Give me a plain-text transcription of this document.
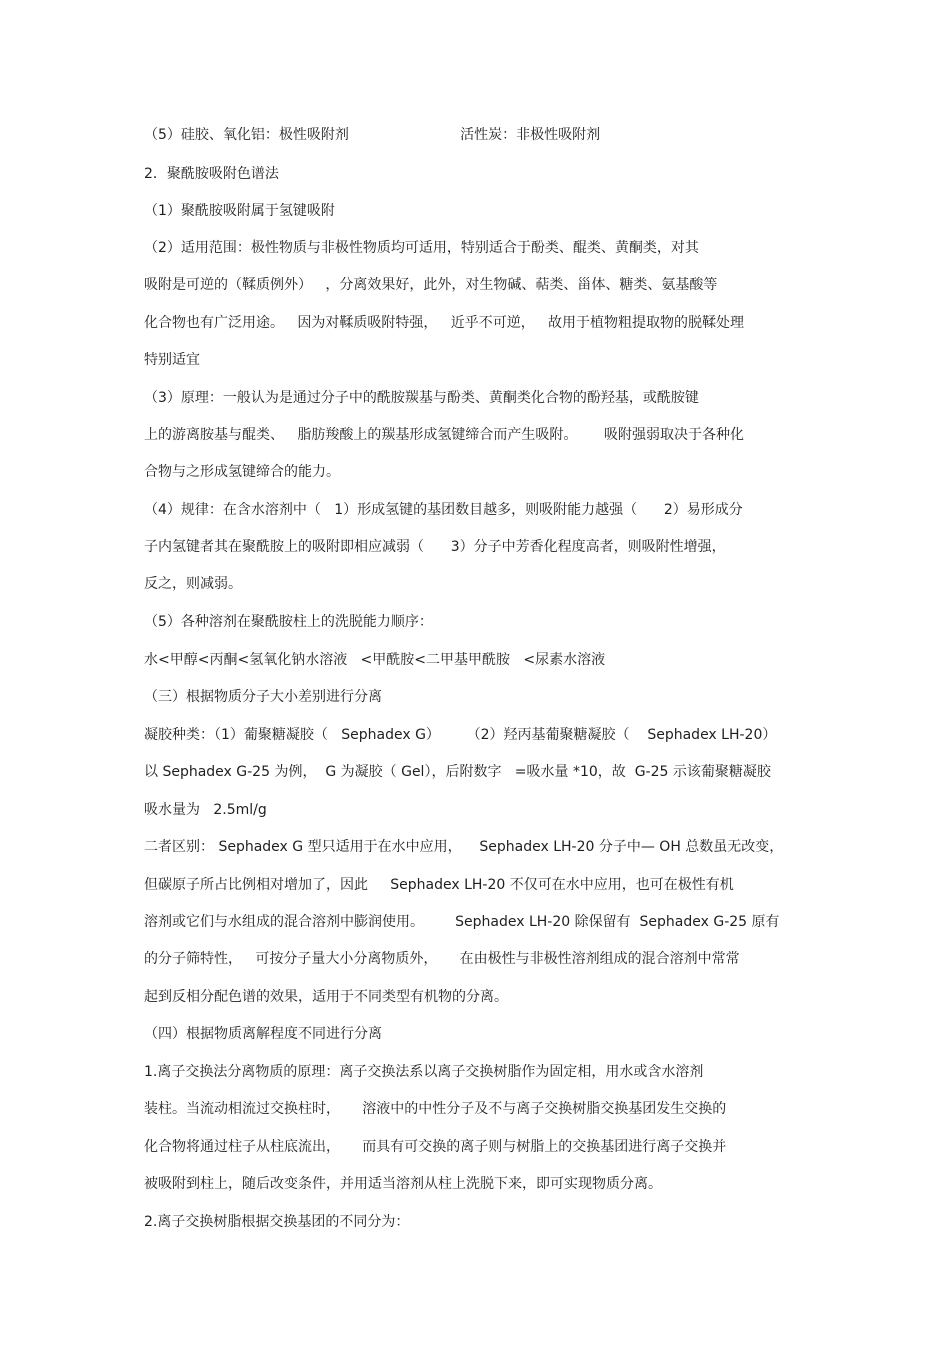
（5）硅胶、氧化铝：极性吸附剂                         活性炭：非极性吸附剂
2．聚酰胺吸附色谱法
（1）聚酰胺吸附属于氢键吸附
（2）适用范围：极性物质与非极性物质均可适用，特别适合于酚类、醌类、黄酮类，对其
吸附是可逆的（鞣质例外）   ，分离效果好，此外，对生物碱、萜类、甾体、糖类、氨基酸等
化合物也有广泛用途。   因为对鞣质吸附特强，   近乎不可逆，   故用于植物粗提取物的脱鞣处理
特别适宜
（3）原理：一般认为是通过分子中的酰胺羰基与酚类、黄酮类化合物的酚羟基，或酰胺键
上的游离胺基与醌类、   脂肪羧酸上的羰基形成氢键缔合而产生吸附。      吸附强弱取决于各种化
合物与之形成氢键缔合的能力。
（4）规律：在含水溶剂中（   1）形成氢键的基团数目越多，则吸附能力越强（      2）易形成分
子内氢键者其在聚酰胺上的吸附即相应减弱（      3）分子中芳香化程度高者，则吸附性增强，
反之，则减弱。
（5）各种溶剂在聚酰胺柱上的洗脱能力顺序：
水<甲醇<丙酮<氢氧化钠水溶液   <甲酰胺<二甲基甲酰胺   <尿素水溶液
（三）根据物质分子大小差别进行分离
凝胶种类：（1）葡聚糖凝胶（   Sephadex G）      （2）羟丙基葡聚糖凝胶（    Sephadex LH-20）
以 Sephadex G-25 为例，  G 为凝胶（ Gel），后附数字   =吸水量 *10，故  G-25 示该葡聚糖凝胶
吸水量为   2.5ml/g
二者区别： Sephadex G 型只适用于在水中应用，    Sephadex LH-20 分子中— OH 总数虽无改变，
但碳原子所占比例相对增加了，因此     Sephadex LH-20 不仅可在水中应用，也可在极性有机
溶剂或它们与水组成的混合溶剂中膨润使用。       Sephadex LH-20 除保留有  Sephadex G-25 原有
的分子筛特性，   可按分子量大小分离物质外，     在由极性与非极性溶剂组成的混合溶剂中常常
起到反相分配色谱的效果，适用于不同类型有机物的分离。
（四）根据物质离解程度不同进行分离
1.离子交换法分离物质的原理：离子交换法系以离子交换树脂作为固定相，用水或含水溶剂
装柱。当流动相流过交换柱时，     溶液中的中性分子及不与离子交换树脂交换基团发生交换的
化合物将通过柱子从柱底流出，     而具有可交换的离子则与树脂上的交换基团进行离子交换并
被吸附到柱上，随后改变条件，并用适当溶剂从柱上洗脱下来，即可实现物质分离。
2.离子交换树脂根据交换基团的不同分为：
